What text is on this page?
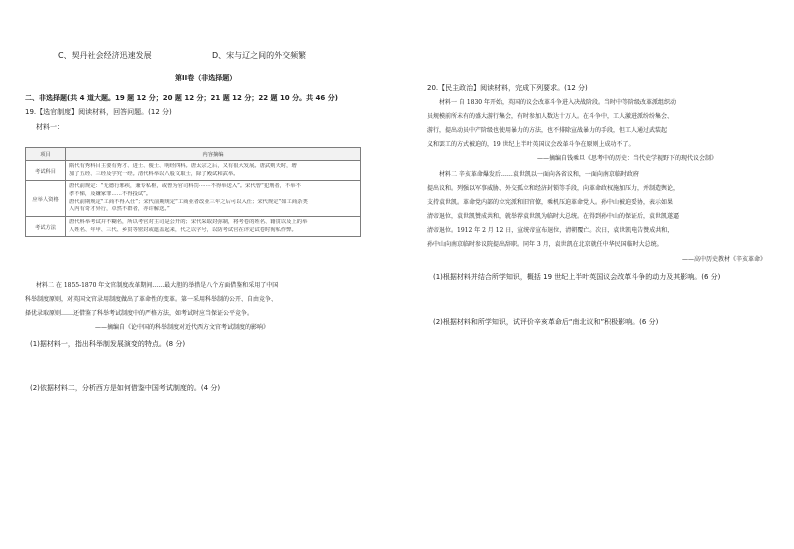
C、契丹社会经济迅速发展	D、宋与辽之间的外交频繁
第II卷（非选择题）
二、非选择题(共 4 道大题。19 题 12 分；20 题 12 分；21 题 12 分；22 题 10 分。共 46 分)
19.【选官制度】阅读材料，回答问题。(12 分)
材料一：
项目	内容摘编
考试科目	隋代有秀科目主要有秀才、进士、俊士、明经四科。唐太宗之后，又有很大发展。唐武则天时，增
加了五经、三经及学究一经。清代科举以八股文取士，除了殿试和武举。

应举人资格	唐代前规定：“无德行邪疾，兼专私枢，或曾为官司科罚·······不得举送入”。宋代曾“犯刑者，不举不
孝不悌，及嫌家罪……不得投试”。
唐代前期规定“工商不得入仕”；宋代前期规定“工商业者改业三年之后可以入仕；宋代规定“如工商杂类
人内有奇才异行，卓然不群者，亦许解送。”

考试方法	唐代科举考试并不糊名，所以考官对主司是公开的；宋代采取封弥制，将考卷的姓名、籍贯以及上的举
人姓名、年甲、三代、乡贯等密封或遮盖起来，代之以字号，以防考试官在评定试卷时徇私作弊。
材料二 在 1855-1870 年文官制度改革期间……最大胆的举措是八个方面借鉴和采用了中国
科举制度原则，对英国文官录用制度做出了革命性的变革。第一采用科举制的公开、自由竞争、
择优录取原则……还借鉴了科举考试制度中的严格方法，如考试时应当保证公平竞争。
——摘编自《论中国的科举制度对近代西方文官考试制度的影响》
(1)据材料一，指出科举制发展演变的特点。(8 分)
(2)依据材料二，分析西方是如何借鉴中国考试制度的。(4 分)
20.【民主政治】阅读材料，完成下列要求。(12 分)
材料一 自 1830 年开始，英国的议会改革斗争进入决战阶段。当时中等阶级改革派组织动
员规模前所未有的盛大游行集会，有时参加人数达十万人。在斗争中，工人激进派纷纷集会、
游行，提出动员中产阶级也使用暴力的方法，也不排除宣战暴力的手段，但工人通过武装起
义和罢工的方式被迫的，19 世纪上半叶英国议会改革斗争在原则上成功不了。
——摘编自钱乘旦《思考中的历史：当代史学视野下的现代议会制》
材料二 辛亥革命爆发后……袁世凯以一面向各省议和，一面向南京临时政府
提出议和。列强以军事威胁、外交孤立和经济封锁等手段，向革命政权施加压力，并制造舆论，
支持袁世凯。革命党内部的立宪派和旧官僚，乘机压迫革命党人。孙中山被迫妥协，表示如果
清帝退位，袁世凯赞成共和，就举荐袁世凯为临时大总统。在得到孙中山的保证后，袁世凯遂逼
清帝退位。1912 年 2 月 12 日，宣统帝宣布退位，清朝覆亡。次日，袁世凯电告赞成共和，
孙中山向南京临时参议院提出辞职。同年 3 月，袁世凯在北京就任中华民国临时大总统。
——高中历史教材《辛亥革命》
(1)根据材料并结合所学知识，概括 19 世纪上半叶英国议会改革斗争的动力及其影响。(6 分)
(2)根据材料和所学知识，试评价辛亥革命后“南北议和”积极影响。(6 分)
